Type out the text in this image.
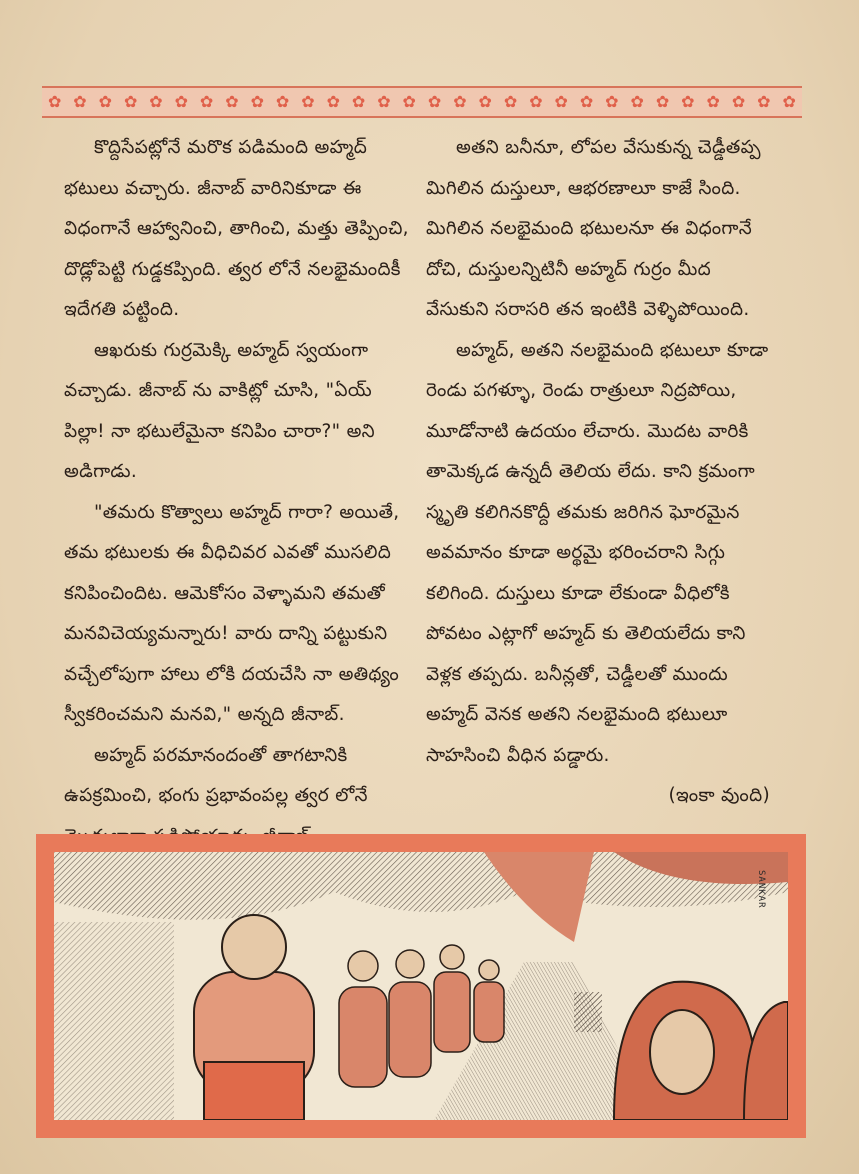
✿ ✿ ✿ ✿ ✿ ✿ ✿ ✿ ✿ ✿ ✿ ✿ ✿ ✿ ✿ ✿ ✿ ✿ ✿ ✿ ✿ ✿ ✿ ✿ ✿ ✿ ✿ ✿ ✿ ✿

కొద్దిసేపట్లోనే మరొక పడిమంది అహ్మద్ భటులు వచ్చారు. జీనాబ్ వారినికూడా ఈ విధంగానే ఆహ్వానించి, తాగించి, మత్తు తెప్పించి, దొడ్లోపెట్టి గుడ్డకప్పింది. త్వర లోనే నలభైమందికీ ఇదేగతి పట్టింది.

ఆఖరుకు గుర్రమెక్కి అహ్మద్ స్వయంగా వచ్చాడు. జీనాబ్ ను వాకిట్లో చూసి, "ఏయ్ పిల్లా! నా భటులేమైనా కనిపిం చారా?" అని అడిగాడు.

"తమరు కొత్వాలు అహ్మద్ గారా? అయితే, తమ భటులకు ఈ వీధిచివర ఎవతో ముసలిది కనిపించిందిట. ఆమెకోసం వెళ్ళామని తమతో మనవిచెయ్యమన్నారు! వారు దాన్ని పట్టుకుని వచ్చేలోపుగా హాలు లోకి దయచేసి నా అతిథ్యం స్వీకరించమని మనవి," అన్నది జీనాబ్.

అహ్మద్ పరమానందంతో తాగటానికి ఉపక్రమించి, భంగు ప్రభావంపల్ల త్వర లోనే

అతని బనీనూ, లోపల వేసుకున్న చెడ్డీతప్ప మిగిలిన దుస్తులూ, ఆభరణాలూ కాజే సింది. మిగిలిన నలభైమంది భటులనూ ఈ విధంగానే దోచి, దుస్తులన్నిటినీ అహ్మద్ గుర్రం మీద వేసుకుని సరాసరి తన ఇంటికి వెళ్ళిపోయింది.

అహ్మద్, అతని నలభైమంది భటులూ కూడా రెండు పగళ్ళూ, రెండు రాత్రులూ నిద్రపోయి, మూడోనాటి ఉదయం లేచారు. మొదట వారికి తామెక్కడ ఉన్నదీ తెలియ లేదు. కాని క్రమంగా స్మృతి కలిగినకొద్దీ తమకు జరిగిన ఘోరమైన అవమానం కూడా అర్థమై భరించరాని సిగ్గు కలిగింది. దుస్తులు కూడా లేకుండా వీధిలోకి పోవటం ఎట్లాగో అహ్మద్ కు తెలియలేదు కాని వెళ్లక తప్పదు. బనీన్లతో, చెడ్డీలతో ముందు అహ్మద్ వెనక అతని నలభైమంది భటులూ సాహసించి వీధిన పడ్డారు.

(ఇంకా వుంది)

SANKAR
